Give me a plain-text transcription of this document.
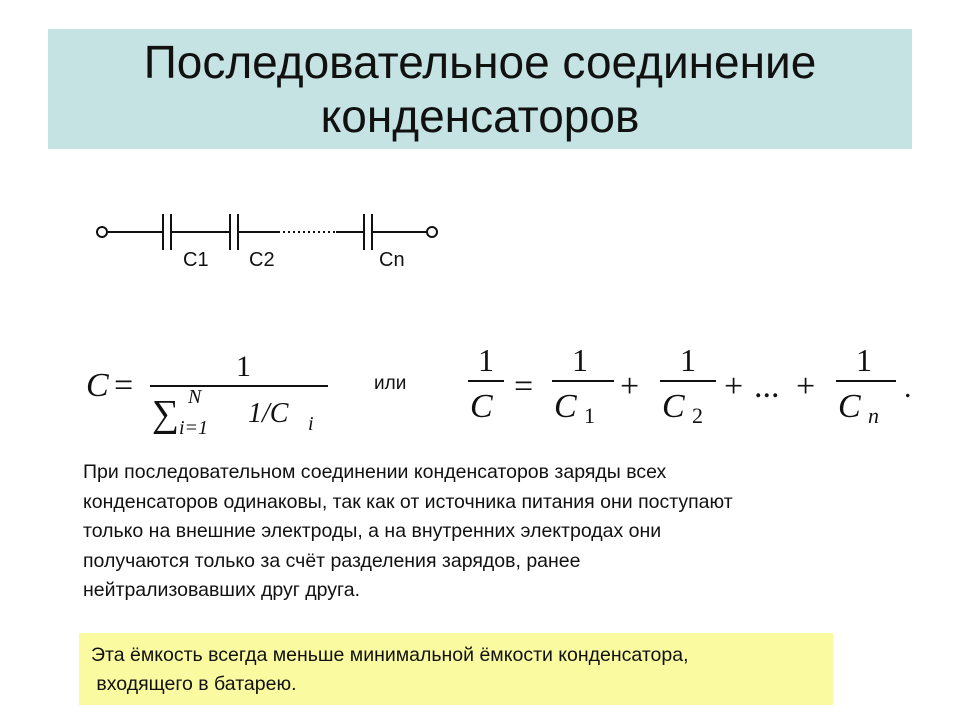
Последовательное соединение
конденсаторов
C1 C2	Cn
C =
1
∑ N
i=1 1/C i
или
1
C
=
1
C 1
+
1
C 2
+ ... +
1
C n
.
При последовательном соединении конденсаторов заряды всех
конденсаторов одинаковы, так как от источника питания они поступают
только на внешние электроды, а на внутренних электродах они
получаются только за счёт разделения зарядов, ранее
нейтрализовавших друг друга.
Эта ёмкость всегда меньше минимальной ёмкости конденсатора,
входящего в батарею.
